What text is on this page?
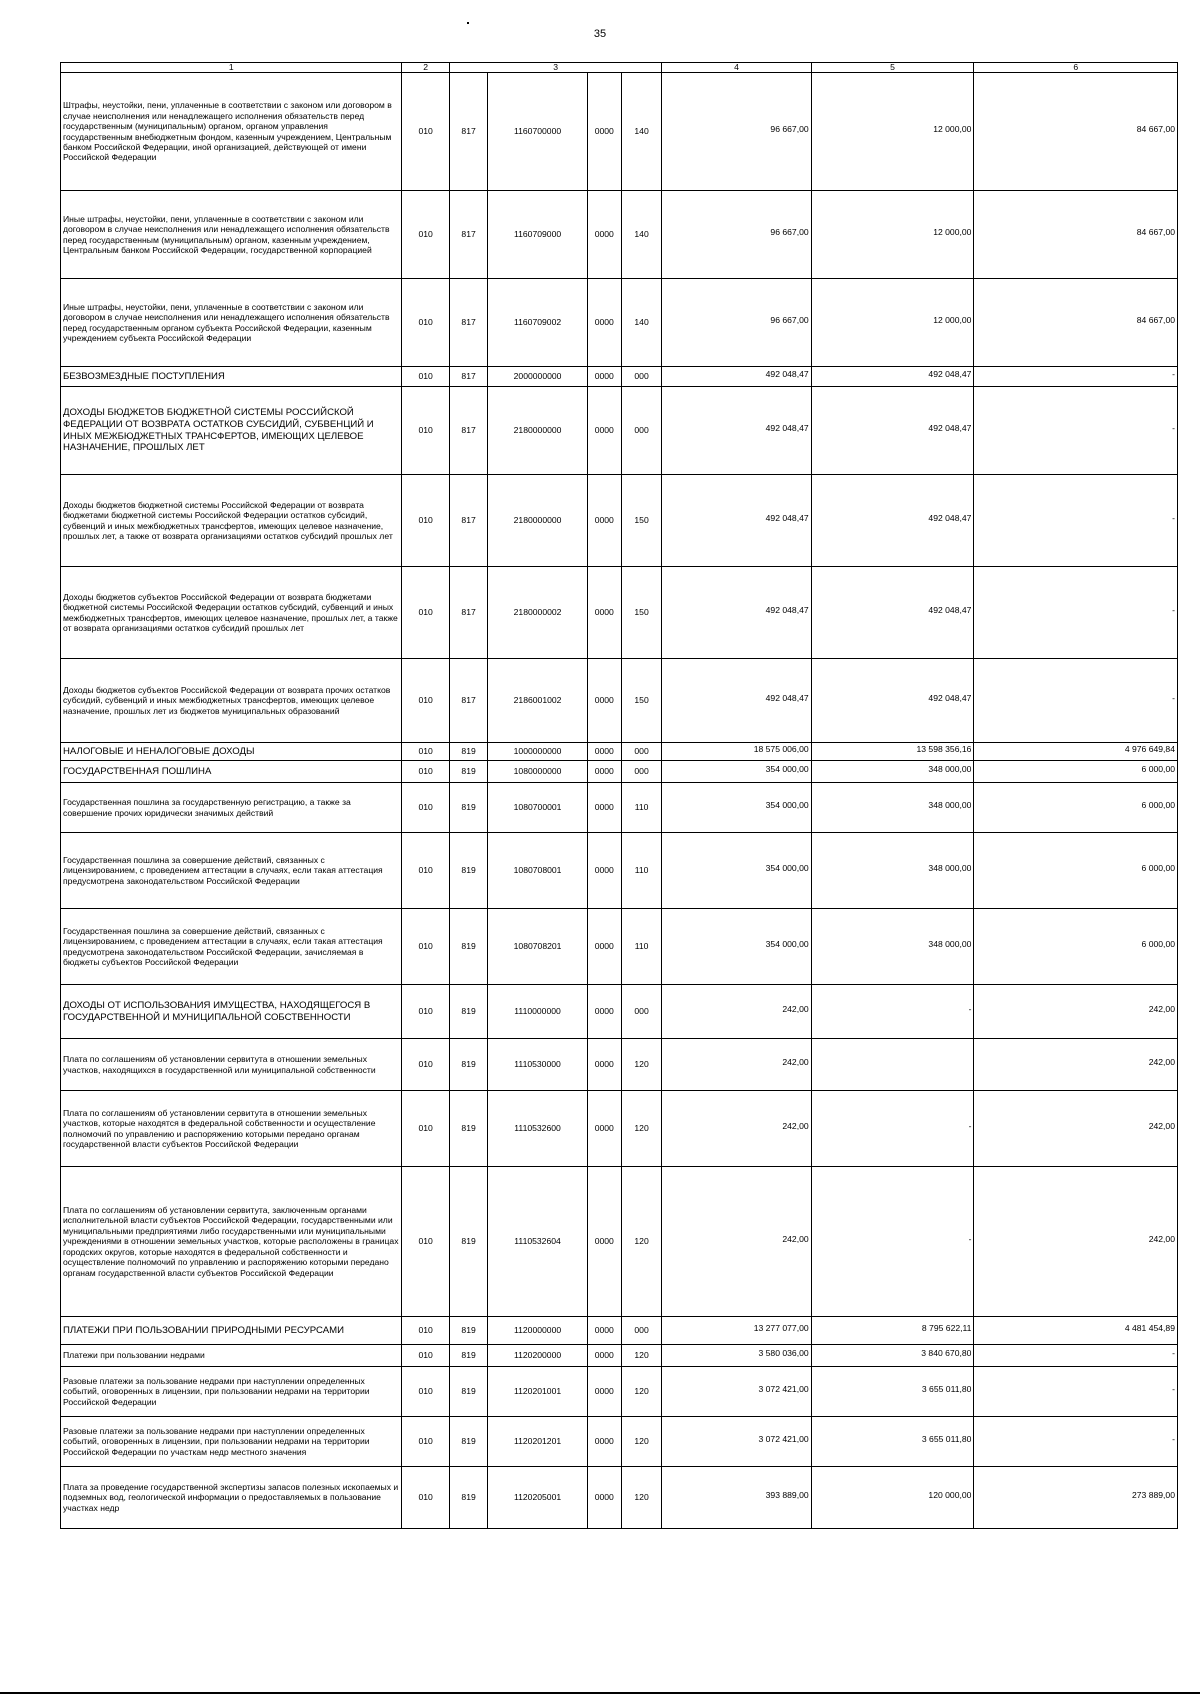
35
1	2	3				4	5	6
Штрафы, неустойки, пени, уплаченные в соответствии с законом или договором в случае неисполнения или ненадлежащего исполнения обязательств перед государственным (муниципальным) органом, органом управления государственным внебюджетным фондом, казенным учреждением, Центральным банком Российской Федерации, иной организацией, действующей от имени Российской Федерации	010	817	1160700000	0000	140	96 667,00	12 000,00	84 667,00
Иные штрафы, неустойки, пени, уплаченные в соответствии с законом или договором в случае неисполнения или ненадлежащего исполнения обязательств перед государственным (муниципальным) органом, казенным учреждением, Центральным банком Российской Федерации, государственной корпорацией	010	817	1160709000	0000	140	96 667,00	12 000,00	84 667,00
Иные штрафы, неустойки, пени, уплаченные в соответствии с законом или договором в случае неисполнения или ненадлежащего исполнения обязательств перед государственным органом субъекта Российской Федерации, казенным учреждением субъекта Российской Федерации	010	817	1160709002	0000	140	96 667,00	12 000,00	84 667,00
БЕЗВОЗМЕЗДНЫЕ ПОСТУПЛЕНИЯ	010	817	2000000000	0000	000	492 048,47	492 048,47	-
ДОХОДЫ БЮДЖЕТОВ БЮДЖЕТНОЙ СИСТЕМЫ РОССИЙСКОЙ ФЕДЕРАЦИИ ОТ ВОЗВРАТА ОСТАТКОВ СУБСИДИЙ, СУБВЕНЦИЙ И ИНЫХ МЕЖБЮДЖЕТНЫХ ТРАНСФЕРТОВ, ИМЕЮЩИХ ЦЕЛЕВОЕ НАЗНАЧЕНИЕ, ПРОШЛЫХ ЛЕТ	010	817	2180000000	0000	000	492 048,47	492 048,47	-
Доходы бюджетов бюджетной системы Российской Федерации от возврата бюджетами бюджетной системы Российской Федерации остатков субсидий, субвенций и иных межбюджетных трансфертов, имеющих целевое назначение, прошлых лет, а также от возврата организациями остатков субсидий прошлых лет	010	817	2180000000	0000	150	492 048,47	492 048,47	-
Доходы бюджетов субъектов Российской Федерации от возврата бюджетами бюджетной системы Российской Федерации остатков субсидий, субвенций и иных межбюджетных трансфертов, имеющих целевое назначение, прошлых лет, а также от возврата организациями остатков субсидий прошлых лет	010	817	2180000002	0000	150	492 048,47	492 048,47	-
Доходы бюджетов субъектов Российской Федерации от возврата прочих остатков субсидий, субвенций и иных межбюджетных трансфертов, имеющих целевое назначение, прошлых лет из бюджетов муниципальных образований	010	817	2186001002	0000	150	492 048,47	492 048,47	-
НАЛОГОВЫЕ И НЕНАЛОГОВЫЕ ДОХОДЫ	010	819	1000000000	0000	000	18 575 006,00	13 598 356,16	4 976 649,84
ГОСУДАРСТВЕННАЯ ПОШЛИНА	010	819	1080000000	0000	000	354 000,00	348 000,00	6 000,00
Государственная пошлина за государственную регистрацию, а также за совершение прочих юридически значимых действий	010	819	1080700001	0000	110	354 000,00	348 000,00	6 000,00
Государственная пошлина за совершение действий, связанных с лицензированием, с проведением аттестации в случаях, если такая аттестация предусмотрена законодательством Российской Федерации	010	819	1080708001	0000	110	354 000,00	348 000,00	6 000,00
Государственная пошлина за совершение действий, связанных с лицензированием, с проведением аттестации в случаях, если такая аттестация предусмотрена законодательством Российской Федерации, зачисляемая в бюджеты субъектов Российской Федерации	010	819	1080708201	0000	110	354 000,00	348 000,00	6 000,00
ДОХОДЫ ОТ ИСПОЛЬЗОВАНИЯ ИМУЩЕСТВА, НАХОДЯЩЕГОСЯ В ГОСУДАРСТВЕННОЙ И МУНИЦИПАЛЬНОЙ СОБСТВЕННОСТИ	010	819	1110000000	0000	000	242,00	-	242,00
Плата по соглашениям об установлении сервитута в отношении земельных участков, находящихся в государственной или муниципальной собственности	010	819	1110530000	0000	120	242,00		242,00
Плата по соглашениям об установлении сервитута в отношении земельных участков, которые находятся в федеральной собственности и осуществление полномочий по управлению и распоряжению которыми передано органам государственной власти субъектов Российской Федерации	010	819	1110532600	0000	120	242,00	-	242,00
Плата по соглашениям об установлении сервитута, заключенным органами исполнительной власти субъектов Российской Федерации, государственными или муниципальными предприятиями либо государственными или муниципальными учреждениями в отношении земельных участков, которые расположены в границах городских округов, которые находятся в федеральной собственности и осуществление полномочий по управлению и распоряжению которыми передано органам государственной власти субъектов Российской Федерации	010	819	1110532604	0000	120	242,00	-	242,00
ПЛАТЕЖИ ПРИ ПОЛЬЗОВАНИИ ПРИРОДНЫМИ РЕСУРСАМИ	010	819	1120000000	0000	000	13 277 077,00	8 795 622,11	4 481 454,89
Платежи при пользовании недрами	010	819	1120200000	0000	120	3 580 036,00	3 840 670,80	-
Разовые платежи за пользование недрами при наступлении определенных событий, оговоренных в лицензии, при пользовании недрами на территории Российской Федерации	010	819	1120201001	0000	120	3 072 421,00	3 655 011,80	-
Разовые платежи за пользование недрами при наступлении определенных событий, оговоренных в лицензии, при пользовании недрами на территории Российской Федерации по участкам недр местного значения	010	819	1120201201	0000	120	3 072 421,00	3 655 011,80	-
Плата за проведение государственной экспертизы запасов полезных ископаемых и подземных вод, геологической информации о предоставляемых в пользование участках недр	010	819	1120205001	0000	120	393 889,00	120 000,00	273 889,00
